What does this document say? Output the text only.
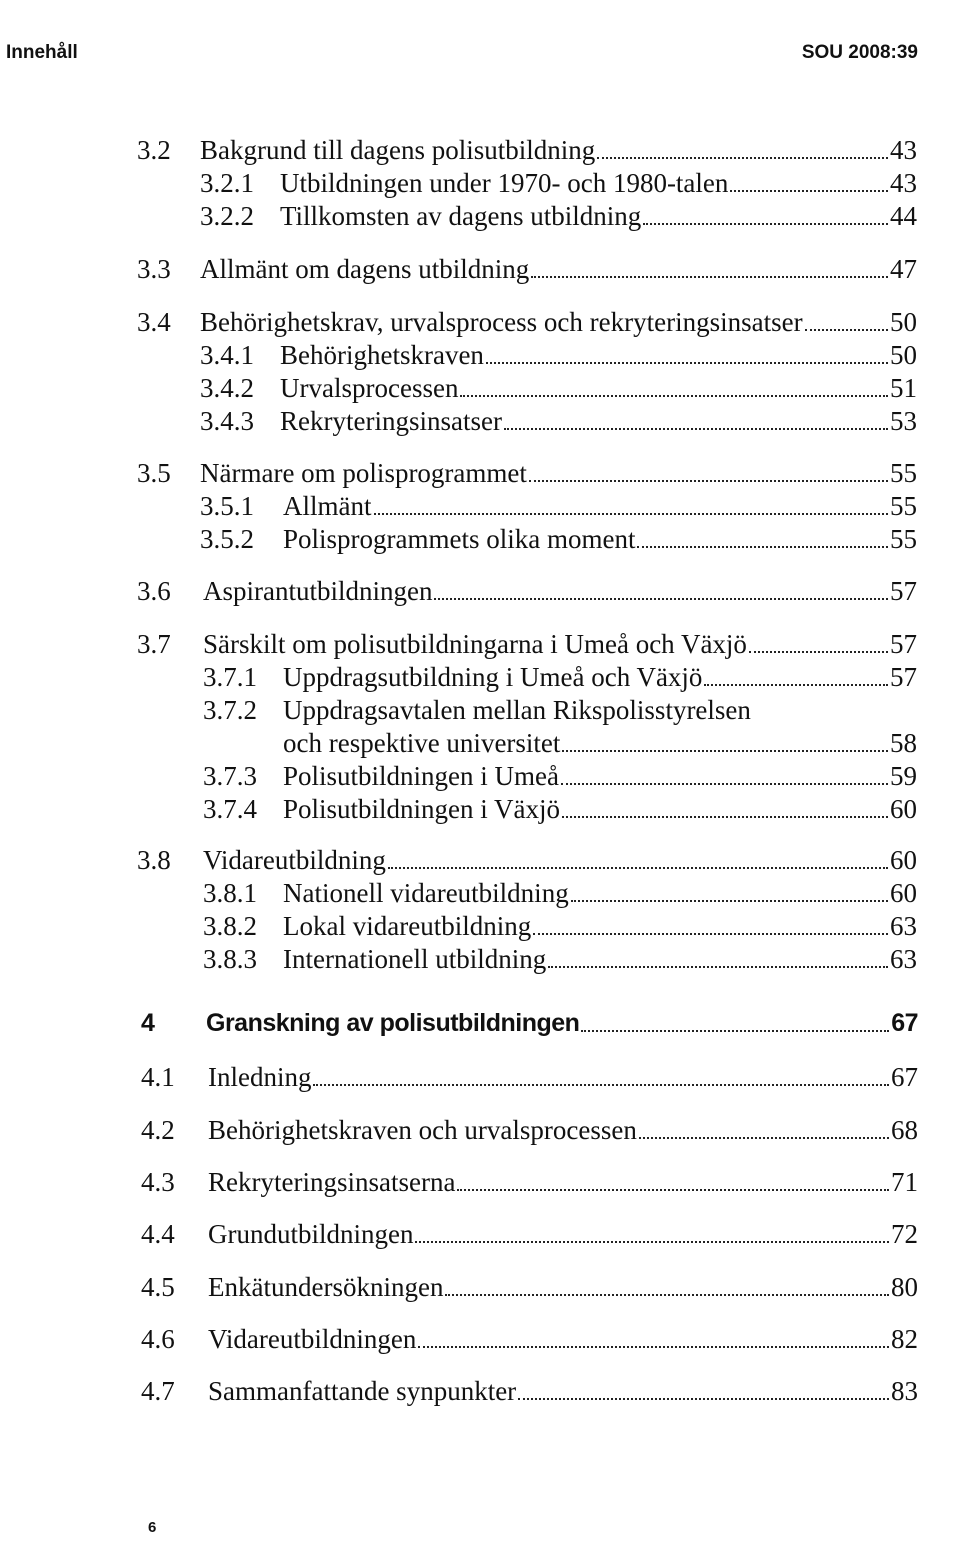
Innehåll	SOU 2008:39
3.2 Bakgrund till dagens polisutbildning	43
3.2.1 Utbildningen under 1970- och 1980-talen	43
3.2.2 Tillkomsten av dagens utbildning	44
3.3 Allmänt om dagens utbildning	47
3.4 Behörighetskrav, urvalsprocess och rekryteringsinsatser	50
3.4.1 Behörighetskraven	50
3.4.2 Urvalsprocessen	51
3.4.3 Rekryteringsinsatser	53
3.5 Närmare om polisprogrammet	55
3.5.1 Allmänt	55
3.5.2 Polisprogrammets olika moment	55
3.6 Aspirantutbildningen	57
3.7 Särskilt om polisutbildningarna i Umeå och Växjö	57
3.7.1 Uppdragsutbildning i Umeå och Växjö	57
3.7.2 Uppdragsavtalen mellan Rikspolisstyrelsen
och respektive universitet	58
3.7.3 Polisutbildningen i Umeå	59
3.7.4 Polisutbildningen i Växjö	60
3.8 Vidareutbildning	60
3.8.1 Nationell vidareutbildning	60
3.8.2 Lokal vidareutbildning	63
3.8.3 Internationell utbildning	63
4 Granskning av polisutbildningen	67
4.1 Inledning	67
4.2 Behörighetskraven och urvalsprocessen	68
4.3 Rekryteringsinsatserna	71
4.4 Grundutbildningen	72
4.5 Enkätundersökningen	80
4.6 Vidareutbildningen	82
4.7 Sammanfattande synpunkter	83
6
